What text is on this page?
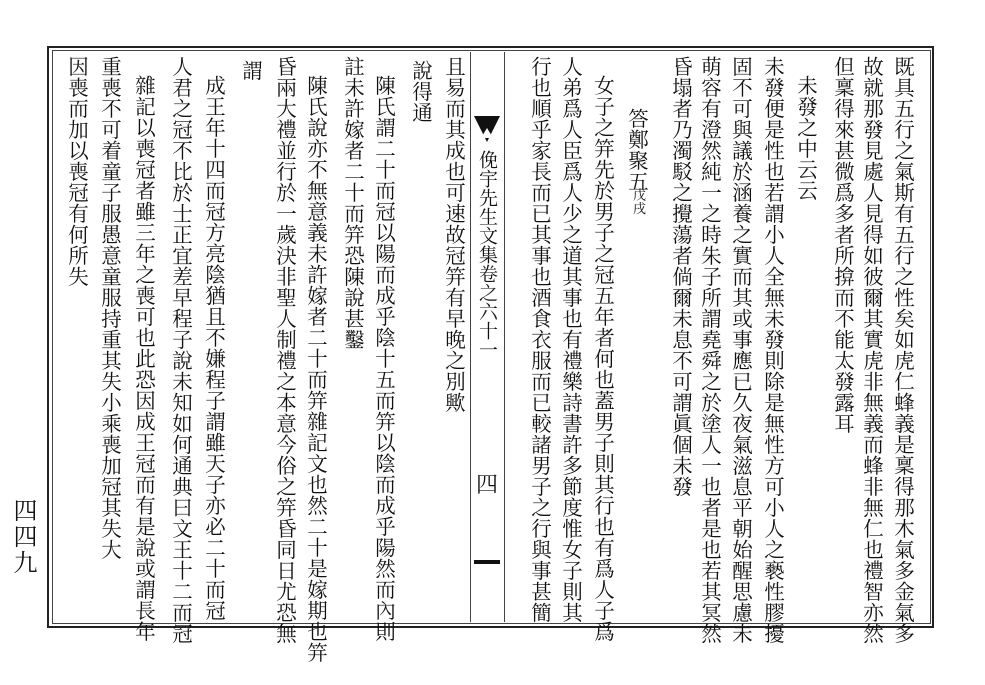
既具五行之氣斯有五行之性矣如虎仁蜂義是稟得那木氣多金氣多
故就那發見處人見得如彼爾其實虎非無義而蜂非無仁也禮智亦然
但稟得來甚微爲多者所揜而不能太發露耳
未發之中云云
未發便是性也若謂小人全無未發則除是無性方可小人之褻性膠擾
固不可與議於涵養之實而其或事應已久夜氣滋息平朝始醒思慮未
萌容有澄然純一之時朱子所謂堯舜之於塗人一也者是也若其冥然
昏塌者乃濁駁之攪蕩者倘爾未息不可謂眞個未發
答鄭聚五
戊戌
女子之笄先於男子之冠五年者何也蓋男子則其行也有爲人子爲
人弟爲人臣爲人少之道其事也有禮樂詩書許多節度惟女子則其
行也順乎家長而已其事也酒食衣服而已較諸男子之行與事甚簡
俛宇先生文集卷之六十一
四
且易而其成也可速故冠笄有早晚之別歟
說得通
陳氏謂二十而冠以陽而成乎陰十五而笄以陰而成乎陽然而內則
註未許嫁者二十而笄恐陳說甚鑿
陳氏說亦不無意義未許嫁者二十而笄雜記文也然二十是嫁期也笄
昏兩大禮並行於一歲決非聖人制禮之本意今俗之笄昏同日尤恐無
謂
成王年十四而冠方亮陰猶且不嫌程子謂雖天子亦必二十而冠
人君之冠不比於士正宜差早程子說未知如何通典曰文王十二而冠
雜記以喪冠者雖三年之喪可也此恐因成王冠而有是說或謂長年
重喪不可着童子服愚意童服持重其失小乘喪加冠其失大
因喪而加以喪冠有何所失
四四九
